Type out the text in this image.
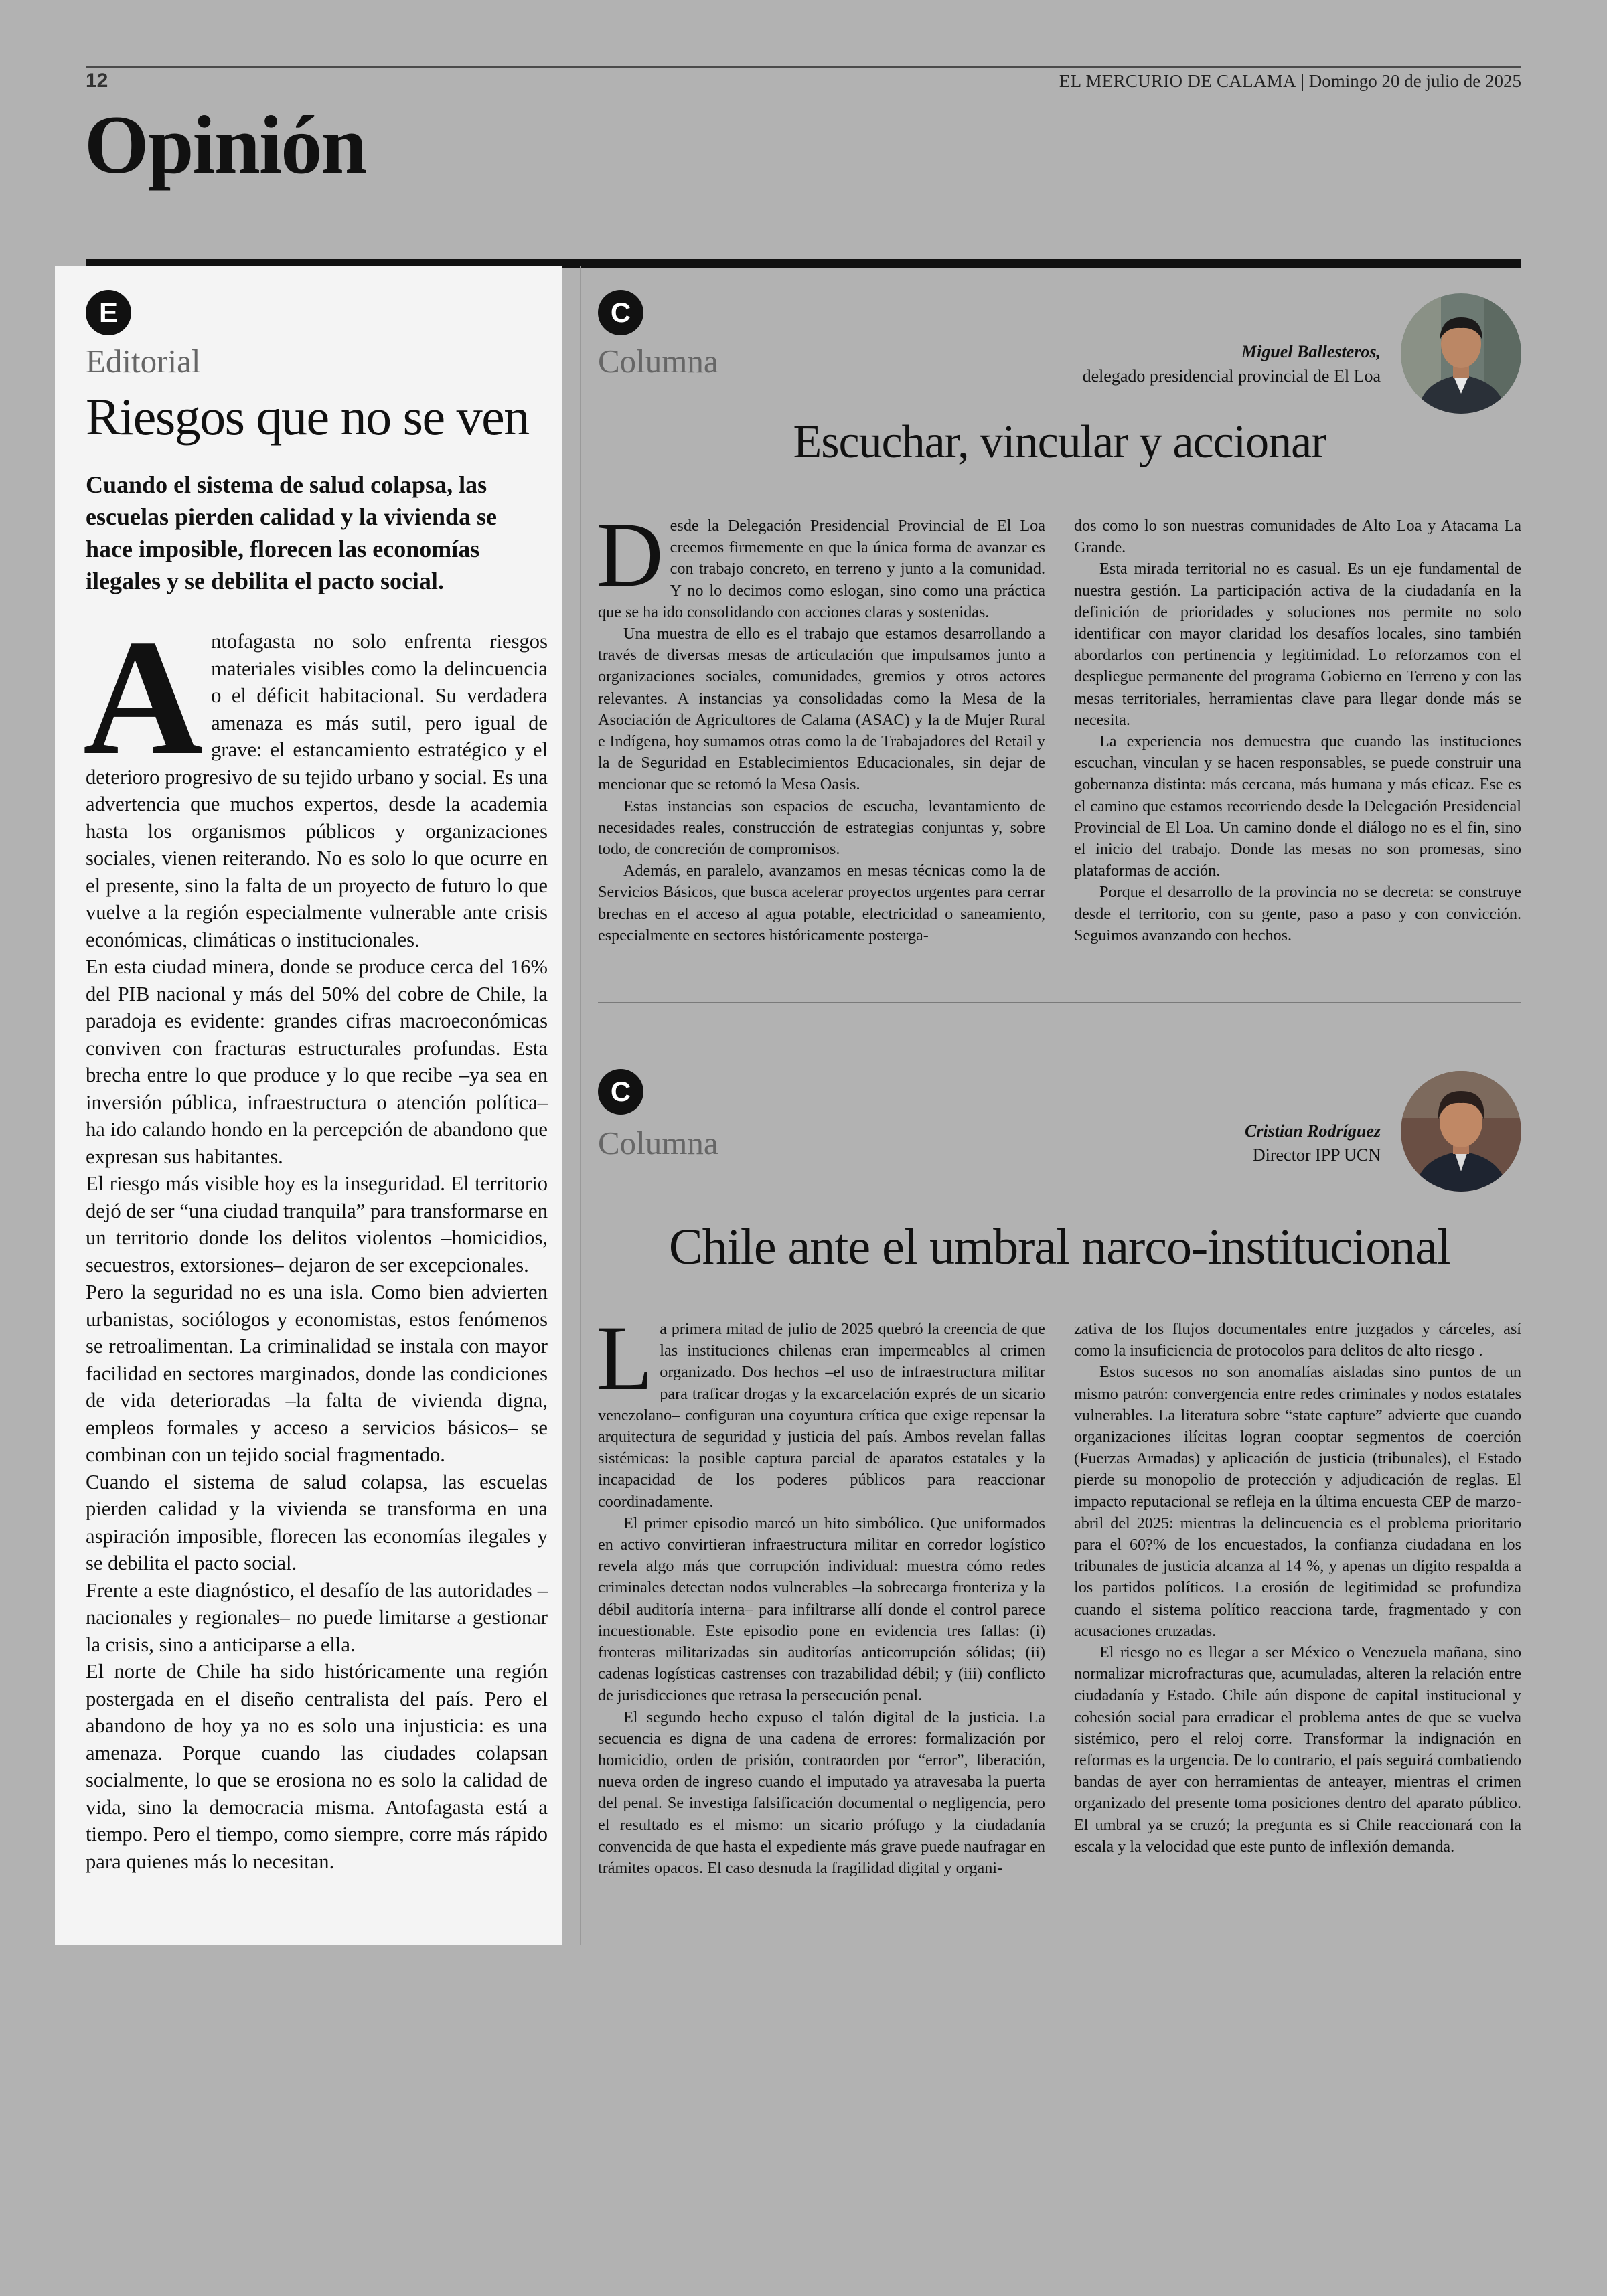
12	EL MERCURIO DE CALAMA | Domingo 20 de julio de 2025
Opinión
E
Editorial
Riesgos que no se ven
Cuando el sistema de salud colapsa, las escuelas pierden calidad y la vivienda se hace imposible, florecen las economías ilegales y se debilita el pacto social.

Antofagasta no solo enfrenta riesgos materiales visibles como la delincuencia o el déficit habitacional. Su verdadera amenaza es más sutil, pero igual de grave: el estancamiento estratégico y el deterioro progresivo de su tejido urbano y social. Es una advertencia que muchos expertos, desde la academia hasta los organismos públicos y organizaciones sociales, vienen reiterando. No es solo lo que ocurre en el presente, sino la falta de un proyecto de futuro lo que vuelve a la región especialmente vulnerable ante crisis económicas, climáticas o institucionales.

En esta ciudad minera, donde se produce cerca del 16% del PIB nacional y más del 50% del cobre de Chile, la paradoja es evidente: grandes cifras macroeconómicas conviven con fracturas estructurales profundas. Esta brecha entre lo que produce y lo que recibe –ya sea en inversión pública, infraestructura o atención política– ha ido calando hondo en la percepción de abandono que expresan sus habitantes.

El riesgo más visible hoy es la inseguridad. El territorio dejó de ser “una ciudad tranquila” para transformarse en un territorio donde los delitos violentos –homicidios, secuestros, extorsiones– dejaron de ser excepcionales.

Pero la seguridad no es una isla. Como bien advierten urbanistas, sociólogos y economistas, estos fenómenos se retroalimentan. La criminalidad se instala con mayor facilidad en sectores marginados, donde las condiciones de vida deterioradas –la falta de vivienda digna, empleos formales y acceso a servicios básicos– se combinan con un tejido social fragmentado.

Cuando el sistema de salud colapsa, las escuelas pierden calidad y la vivienda se transforma en una aspiración imposible, florecen las economías ilegales y se debilita el pacto social.

Frente a este diagnóstico, el desafío de las autoridades –nacionales y regionales– no puede limitarse a gestionar la crisis, sino a anticiparse a ella.

El norte de Chile ha sido históricamente una región postergada en el diseño centralista del país. Pero el abandono de hoy ya no es solo una injusticia: es una amenaza. Porque cuando las ciudades colapsan socialmente, lo que se erosiona no es solo la calidad de vida, sino la democracia misma. Antofagasta está a tiempo. Pero el tiempo, como siempre, corre más rápido para quienes más lo necesitan.

C
Columna	Miguel Ballesteros,
delegado presidencial provincial de El Loa
Escuchar, vincular y accionar

Desde la Delegación Presidencial Provincial de El Loa creemos firmemente en que la única forma de avanzar es con trabajo concreto, en terreno y junto a la comunidad. Y no lo decimos como eslogan, sino como una práctica que se ha ido consolidando con acciones claras y sostenidas.

Una muestra de ello es el trabajo que estamos desarrollando a través de diversas mesas de articulación que impulsamos junto a organizaciones sociales, comunidades, gremios y otros actores relevantes. A instancias ya consolidadas como la Mesa de la Asociación de Agricultores de Calama (ASAC) y la de Mujer Rural e Indígena, hoy sumamos otras como la de Trabajadores del Retail y la de Seguridad en Establecimientos Educacionales, sin dejar de mencionar que se retomó la Mesa Oasis.

Estas instancias son espacios de escucha, levantamiento de necesidades reales, construcción de estrategias conjuntas y, sobre todo, de concreción de compromisos.

Además, en paralelo, avanzamos en mesas técnicas como la de Servicios Básicos, que busca acelerar proyectos urgentes para cerrar brechas en el acceso al agua potable, electricidad o saneamiento, especialmente en sectores históricamente posterga-

dos como lo son nuestras comunidades de Alto Loa y Atacama La Grande.

Esta mirada territorial no es casual. Es un eje fundamental de nuestra gestión. La participación activa de la ciudadanía en la definición de prioridades y soluciones nos permite no solo identificar con mayor claridad los desafíos locales, sino también abordarlos con pertinencia y legitimidad. Lo reforzamos con el despliegue permanente del programa Gobierno en Terreno y con las mesas territoriales, herramientas clave para llegar donde más se necesita.

La experiencia nos demuestra que cuando las instituciones escuchan, vinculan y se hacen responsables, se puede construir una gobernanza distinta: más cercana, más humana y más eficaz. Ese es el camino que estamos recorriendo desde la Delegación Presidencial Provincial de El Loa. Un camino donde el diálogo no es el fin, sino el inicio del trabajo. Donde las mesas no son promesas, sino plataformas de acción.

Porque el desarrollo de la provincia no se decreta: se construye desde el territorio, con su gente, paso a paso y con convicción. Seguimos avanzando con hechos.

C
Columna	Cristian Rodríguez
Director IPP UCN
Chile ante el umbral narco-institucional

La primera mitad de julio de 2025 quebró la creencia de que las instituciones chilenas eran impermeables al crimen organizado. Dos hechos –el uso de infraestructura militar para traficar drogas y la excarcelación exprés de un sicario venezolano– configuran una coyuntura crítica que exige repensar la arquitectura de seguridad y justicia del país. Ambos revelan fallas sistémicas: la posible captura parcial de aparatos estatales y la incapacidad de los poderes públicos para reaccionar coordinadamente.

El primer episodio marcó un hito simbólico. Que uniformados en activo convirtieran infraestructura militar en corredor logístico revela algo más que corrupción individual: muestra cómo redes criminales detectan nodos vulnerables –la sobrecarga fronteriza y la débil auditoría interna– para infiltrarse allí donde el control parece incuestionable. Este episodio pone en evidencia tres fallas: (i) fronteras militarizadas sin auditorías anticorrupción sólidas; (ii) cadenas logísticas castrenses con trazabilidad débil; y (iii) conflicto de jurisdicciones que retrasa la persecución penal.

El segundo hecho expuso el talón digital de la justicia. La secuencia es digna de una cadena de errores: formalización por homicidio, orden de prisión, contraorden por “error”, liberación, nueva orden de ingreso cuando el imputado ya atravesaba la puerta del penal. Se investiga falsificación documental o negligencia, pero el resultado es el mismo: un sicario prófugo y la ciudadanía convencida de que hasta el expediente más grave puede naufragar en trámites opacos. El caso desnuda la fragilidad digital y organi-

zativa de los flujos documentales entre juzgados y cárceles, así como la insuficiencia de protocolos para delitos de alto riesgo .

Estos sucesos no son anomalías aisladas sino puntos de un mismo patrón: convergencia entre redes criminales y nodos estatales vulnerables. La literatura sobre “state capture” advierte que cuando organizaciones ilícitas logran cooptar segmentos de coerción (Fuerzas Armadas) y aplicación de justicia (tribunales), el Estado pierde su monopolio de protección y adjudicación de reglas. El impacto reputacional se refleja en la última encuesta CEP de marzo-abril del 2025: mientras la delincuencia es el problema prioritario para el 60?% de los encuestados, la confianza ciudadana en los tribunales de justicia alcanza al 14 %, y apenas un dígito respalda a los partidos políticos. La erosión de legitimidad se profundiza cuando el sistema político reacciona tarde, fragmentado y con acusaciones cruzadas.

El riesgo no es llegar a ser México o Venezuela mañana, sino normalizar microfracturas que, acumuladas, alteren la relación entre ciudadanía y Estado. Chile aún dispone de capital institucional y cohesión social para erradicar el problema antes de que se vuelva sistémico, pero el reloj corre. Transformar la indignación en reformas es la urgencia. De lo contrario, el país seguirá combatiendo bandas de ayer con herramientas de anteayer, mientras el crimen organizado del presente toma posiciones dentro del aparato público. El umbral ya se cruzó; la pregunta es si Chile reaccionará con la escala y la velocidad que este punto de inflexión demanda.
